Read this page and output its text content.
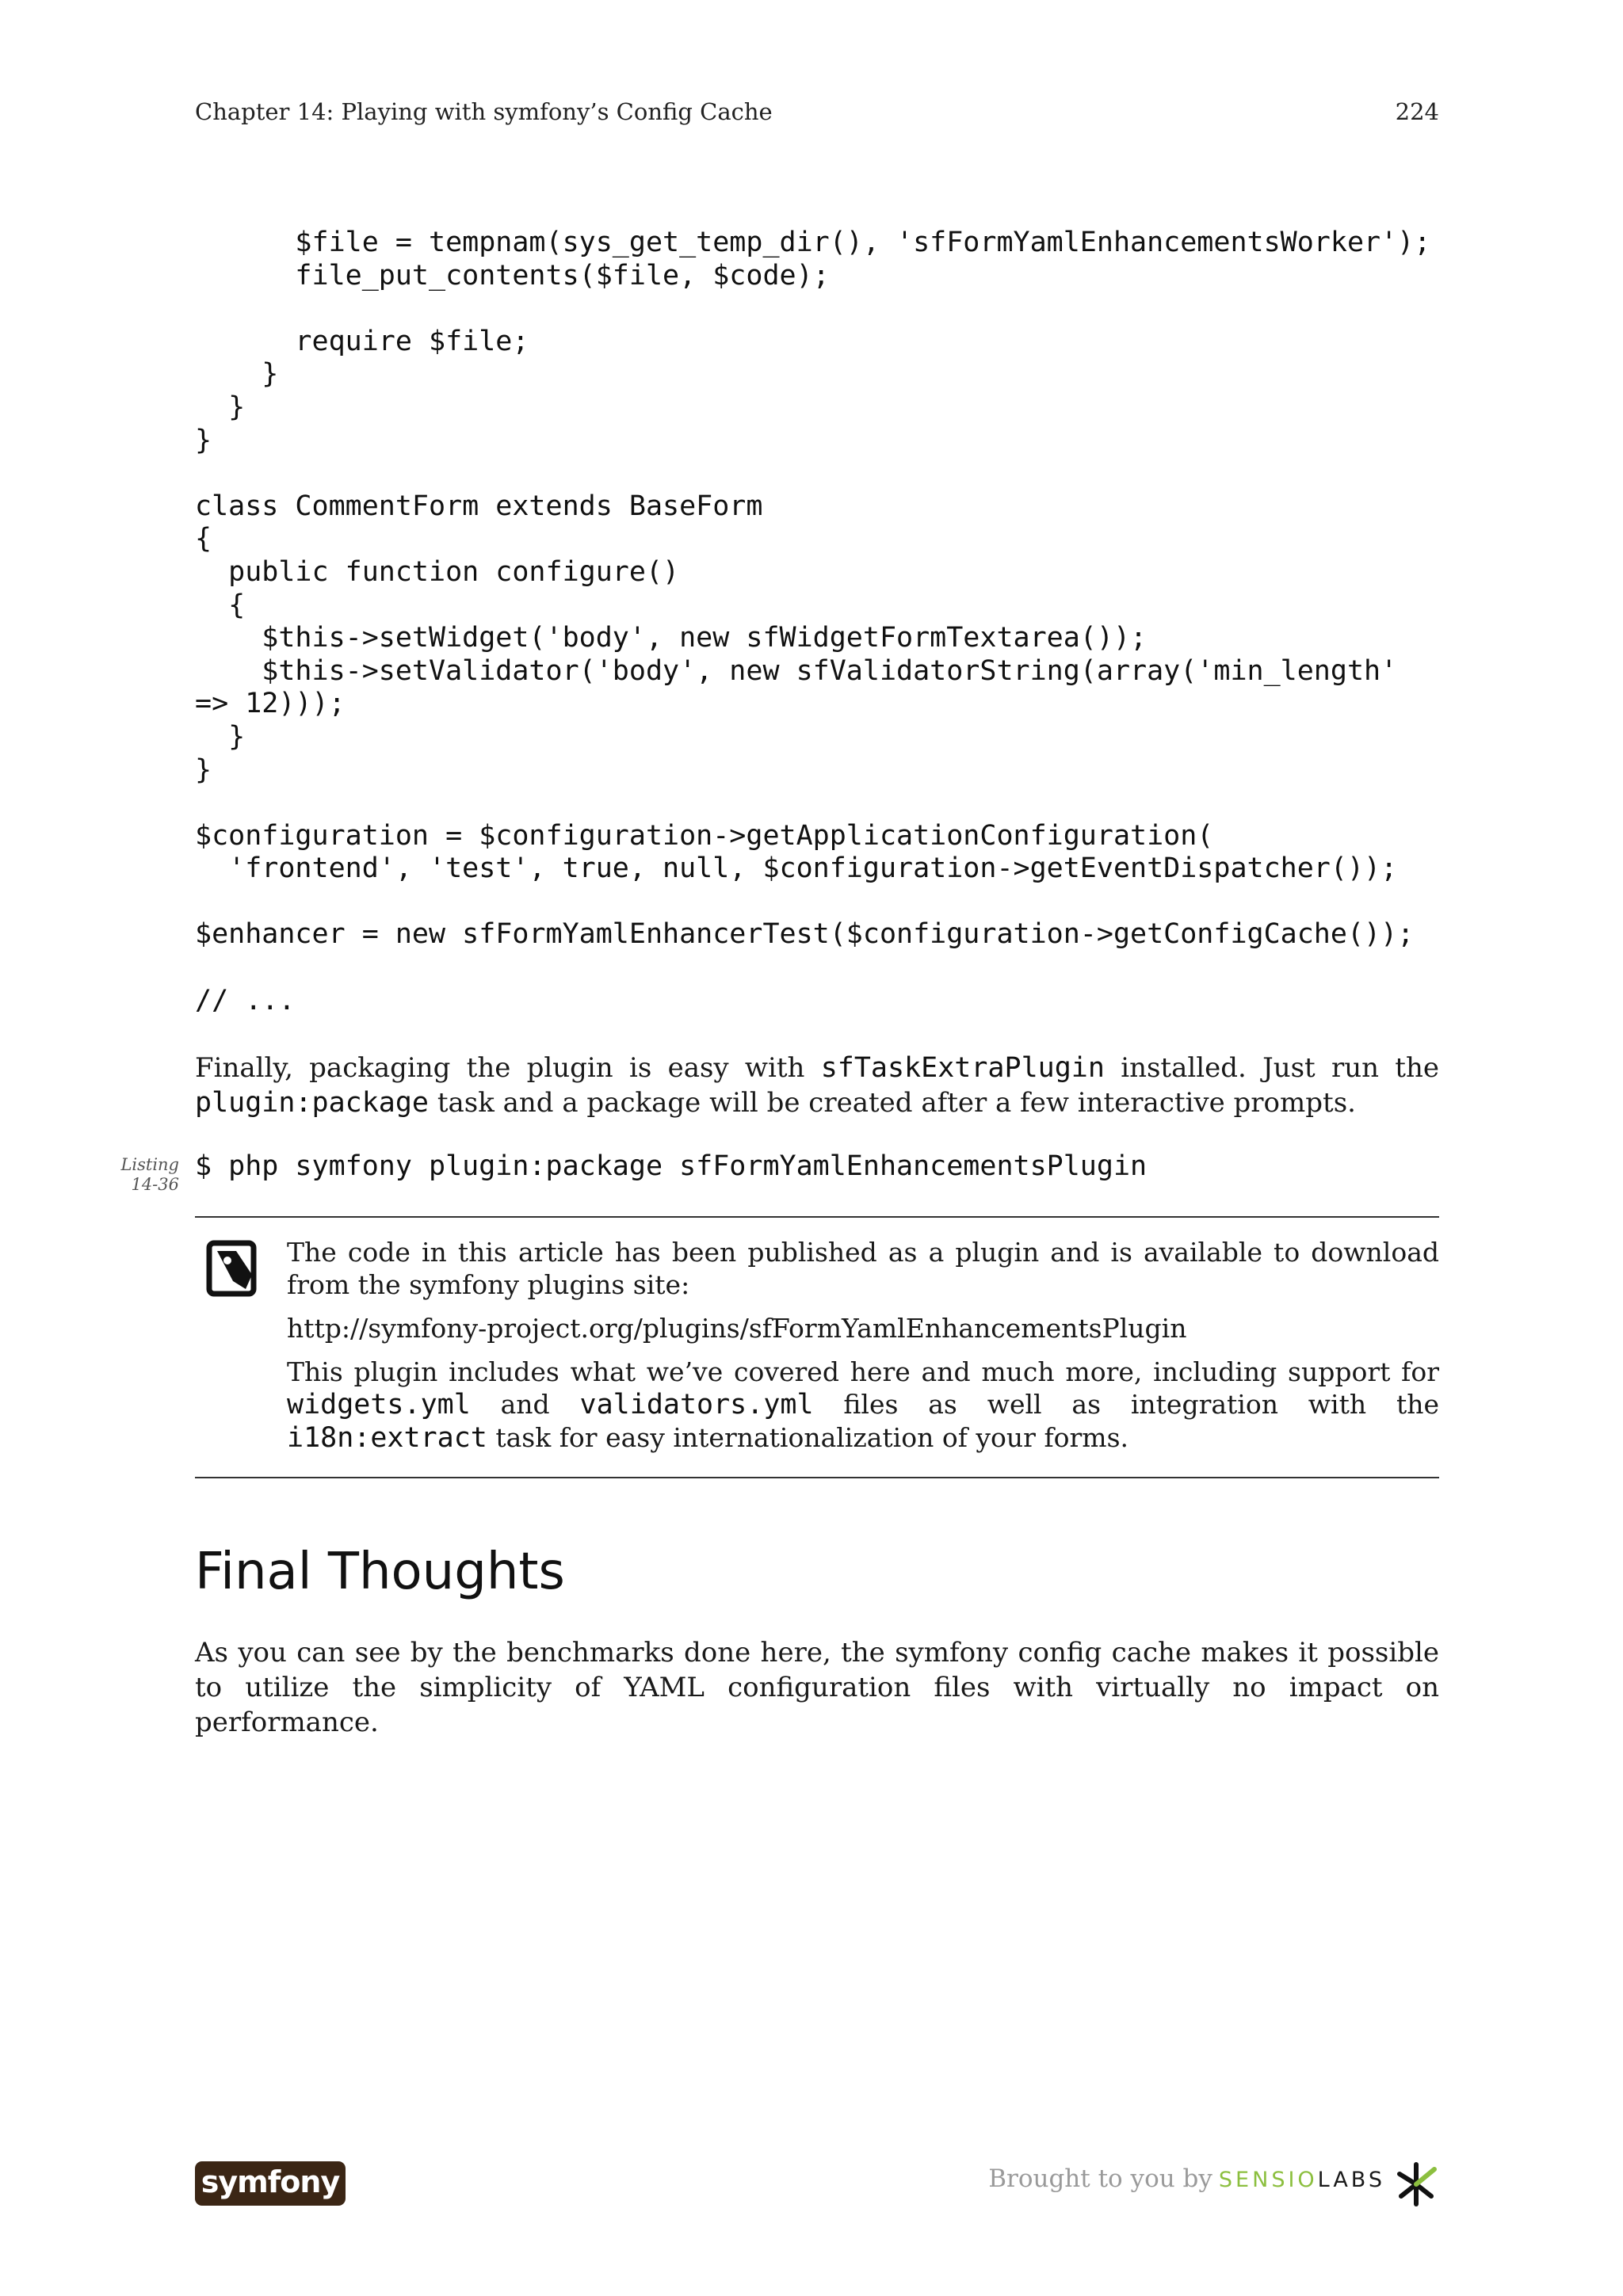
Chapter 14: Playing with symfony’s Config Cache	224
$file = tempnam(sys_get_temp_dir(), 'sfFormYamlEnhancementsWorker');
file_put_contents($file, $code);

require $file;
}
}
}

class CommentForm extends BaseForm
{
public function configure()
{
$this->setWidget('body', new sfWidgetFormTextarea());
$this->setValidator('body', new sfValidatorString(array('min_length'
=> 12)));
}
}

$configuration = $configuration->getApplicationConfiguration(
'frontend', 'test', true, null, $configuration->getEventDispatcher());

$enhancer = new sfFormYamlEnhancerTest($configuration->getConfigCache());

// ...

Finally, packaging the plugin is easy with sfTaskExtraPlugin installed. Just run the plugin:package task and a package will be created after a few interactive prompts.

Listing
14-36
$ php symfony plugin:package sfFormYamlEnhancementsPlugin

The code in this article has been published as a plugin and is available to download from the symfony plugins site:

http://symfony-project.org/plugins/sfFormYamlEnhancementsPlugin

This plugin includes what we’ve covered here and much more, including support for widgets.yml and validators.yml files as well as integration with the i18n:extract task for easy internationalization of your forms.

Final Thoughts

As you can see by the benchmarks done here, the symfony config cache makes it possible to utilize the simplicity of YAML configuration files with virtually no impact on performance.

symfony	Brought to you by SENSIOLABS
